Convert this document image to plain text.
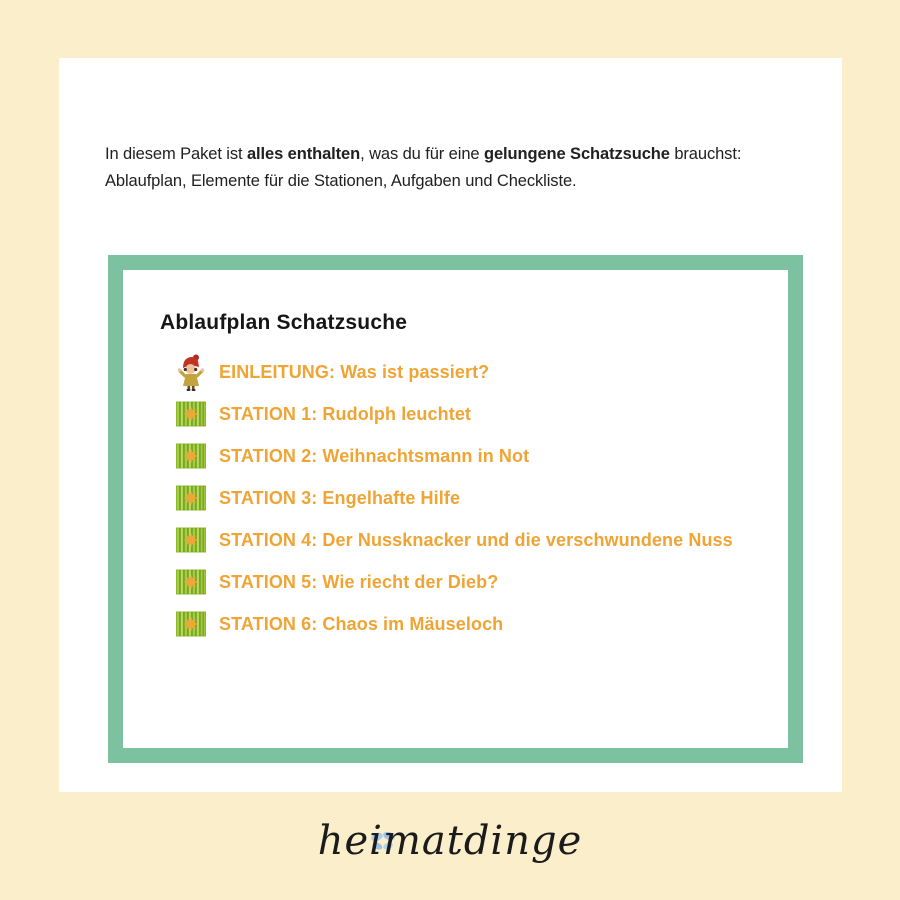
In diesem Paket ist alles enthalten, was du für eine gelungene Schatzsuche brauchst:
Ablaufplan, Elemente für die Stationen, Aufgaben und Checkliste.

Ablaufplan Schatzsuche
EINLEITUNG: Was ist passiert?
STATION 1: Rudolph leuchtet
STATION 2: Weihnachtsmann in Not
STATION 3: Engelhafte Hilfe
STATION 4: Der Nussknacker und die verschwundene Nuss
STATION 5: Wie riecht der Dieb?
STATION 6: Chaos im Mäuseloch
heimatdinge
